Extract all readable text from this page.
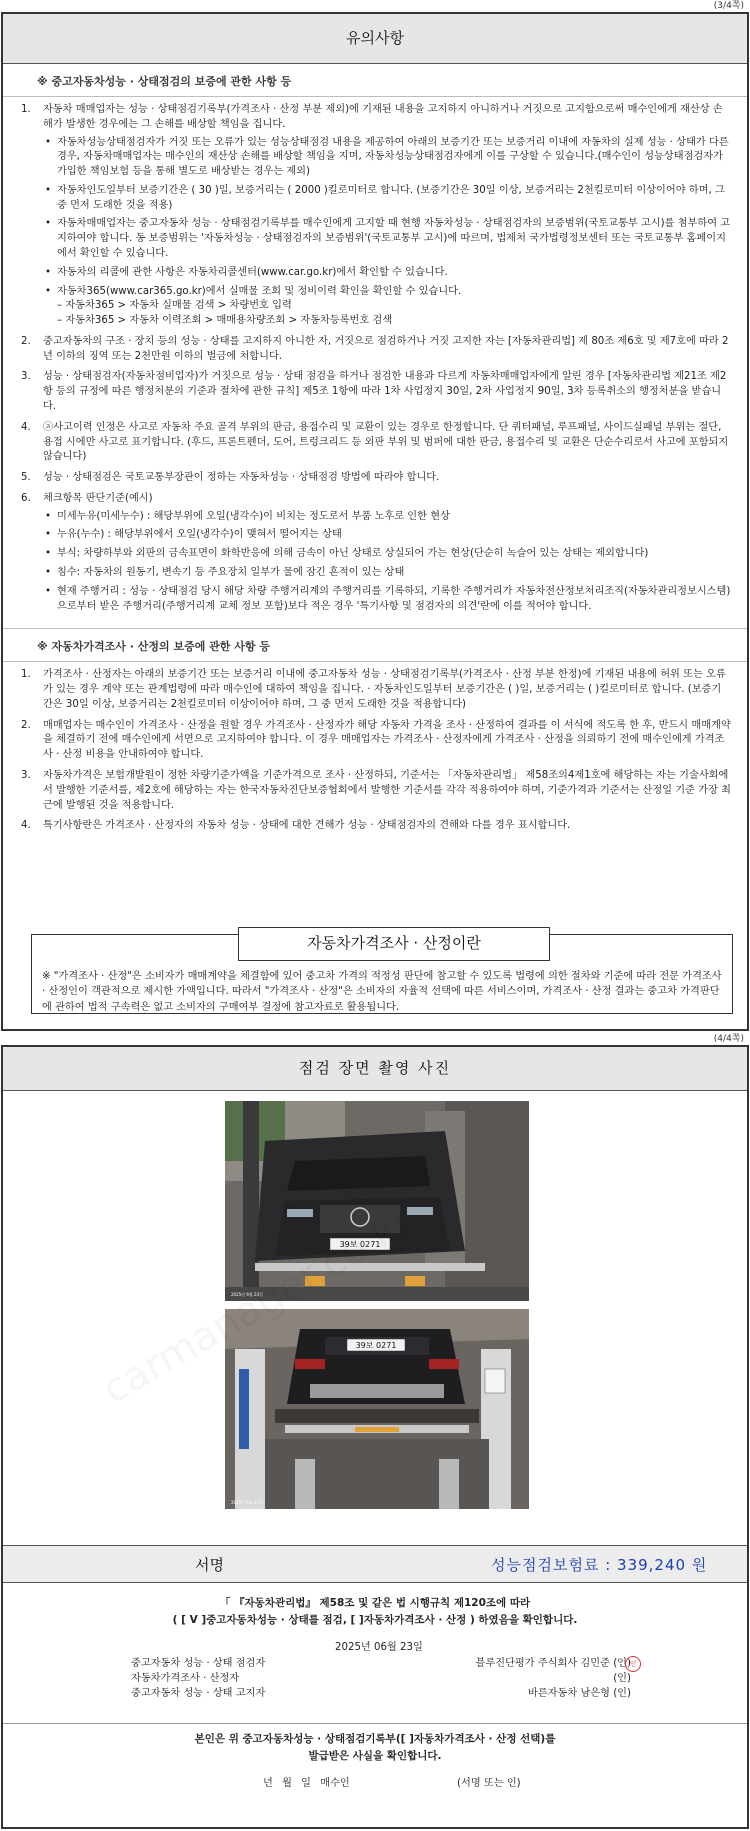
(3/4쪽)
유의사항
※ 중고자동차성능 · 상태점검의 보증에 관한 사항 등
1. 자동차 매매업자는 성능 · 상태점검기록부(가격조사 · 산정 부분 제외)에 기재된 내용을 고지하지 아니하거나 거짓으로 고지함으로써 매수인에게 재산상 손해가 발생한 경우에는 그 손해를 배상할 책임을 집니다.
• 자동차성능상태점검자가 거짓 또는 오류가 있는 성능상태점검 내용을 제공하여 아래의 보증기간 또는 보증거리 이내에 자동차의 실제 성능 · 상태가 다른 경우, 자동차매매업자는 매수인의 재산상 손해를 배상할 책임을 지며, 자동차성능상태점검자에게 이를 구상할 수 있습니다.(매수인이 성능상태점검자가 가입한 책임보험 등을 통해 별도로 배상받는 경우는 제외)
• 자동차인도일부터 보증기간은 ( 30 )일, 보증거리는 ( 2000 )킬로미터로 합니다. (보증기간은 30일 이상, 보증거리는 2천킬로미터 이상이어야 하며, 그 중 먼저 도래한 것을 적용)
• 자동차매매업자는 중고자동차 성능 · 상태점검기록부를 매수인에게 고지할 때 현행 자동차성능 · 상태점검자의 보증범위(국토교통부 고시)를 첨부하여 고지하여야 합니다. 동 보증범위는 '자동차성능 · 상태점검자의 보증범위'(국토교통부 고시)에 따르며, 법제처 국가법령정보센터 또는 국토교통부 홈페이지에서 확인할 수 있습니다.
• 자동차의 리콜에 관한 사항은 자동차리콜센터(www.car.go.kr)에서 확인할 수 있습니다.
• 자동차365(www.car365.go.kr)에서 실매물 조회 및 정비이력 확인을 확인할 수 있습니다.
– 자동차365 > 자동차 실매물 검색 > 차량번호 입력
– 자동차365 > 자동차 이력조회 > 매매용차량조회 > 자동차등록번호 검색
2. 중고자동차의 구조 · 장치 등의 성능 · 상태를 고지하지 아니한 자, 거짓으로 점검하거나 거짓 고지한 자는 [자동차관리법] 제 80조 제6호 및 제7호에 따라 2년 이하의 징역 또는 2천만원 이하의 벌금에 처합니다.
3. 성능 · 상태점검자(자동차점비업자)가 거짓으로 성능 · 상태 점검을 하거나 점검한 내용과 다르게 자동차매매업자에게 알린 경우 [자동차관리법 제21조 제2항 등의 규정에 따른 행정처분의 기준과 절차에 관한 규칙] 제5조 1항에 따라 1차 사업정지 30일, 2차 사업정지 90일, 3차 등록취소의 행정처분을 받습니다.
4. ⓐ사고이력 인정은 사고로 자동차 주요 골격 부위의 판금, 용접수리 및 교환이 있는 경우로 한정합니다. 단 쿼터패널, 루프패널, 사이드실패널 부위는 절단, 용접 시에만 사고로 표기합니다. (후드, 프론트펜더, 도어, 트렁크리드 등 외판 부위 및 범퍼에 대한 판금, 용접수리 및 교환은 단순수리로서 사고에 포함되지 않습니다)
5. 성능 · 상태점검은 국토교통부장관이 정하는 자동차성능 · 상태점검 방법에 따라야 합니다.
6. 체크항목 판단기준(예시)
• 미세누유(미세누수) : 해당부위에 오일(냉각수)이 비치는 정도로서 부품 노후로 인한 현상
• 누유(누수) : 해당부위에서 오일(냉각수)이 맺혀서 떨어지는 상태
• 부식: 차량하부와 외판의 금속표면이 화학반응에 의해 금속이 아닌 상태로 상실되어 가는 현상(단순히 녹슬어 있는 상태는 제외합니다)
• 침수: 자동차의 원동기, 변속기 등 주요장치 일부가 물에 잠긴 흔적이 있는 상태
• 현재 주행거리 : 성능 · 상태점검 당시 해당 차량 주행거리계의 주행거리를 기록하되, 기록한 주행거리가 자동차전산정보처리조직(자동차관리정보시스템)으로부터 받은 주행거리(주행거리계 교체 정보 포함)보다 적은 경우 '특기사항 및 점검자의 의견'란에 이를 적어야 합니다.
※ 자동차가격조사 · 산정의 보증에 관한 사항 등
1. 가격조사 · 산정자는 아래의 보증기간 또는 보증거리 이내에 중고자동차 성능 · 상태점검기록부(가격조사 · 산정 부분 한정)에 기재된 내용에 허위 또는 오류가 있는 경우 계약 또는 관계법령에 따라 매수인에 대하여 책임을 집니다. · 자동차인도일부터 보증기간은 ( )일, 보증거리는 ( )킬로미터로 합니다. (보증기간은 30일 이상, 보증거리는 2천킬로미터 이상이어야 하며, 그 중 먼저 도래한 것을 적용합니다)
2. 매매업자는 매수인이 가격조사 · 산정을 원할 경우 가격조사 · 산정자가 해당 자동차 가격을 조사 · 산정하여 결과를 이 서식에 적도록 한 후, 반드시 매매계약을 체결하기 전에 매수인에게 서면으로 고지하여야 합니다. 이 경우 매매업자는 가격조사 · 산정자에게 가격조사 · 산정을 의뢰하기 전에 매수인에게 가격조사 · 산정 비용을 안내하여야 합니다.
3. 자동차가격은 보험개발원이 정한 차량기준가액을 기준가격으로 조사 · 산정하되, 기준서는 「자동차관리법」 제58조의4제1호에 해당하는 자는 기술사회에서 발행한 기준서를, 제2호에 해당하는 자는 한국자동차진단보증협회에서 발행한 기준서를 각각 적용하여야 하며, 기준가격과 기준서는 산정일 기준 가장 최근에 발행된 것을 적용합니다.
4. 특기사항란은 가격조사 · 산정자의 자동차 성능 · 상태에 대한 견해가 성능 · 상태점검자의 견해와 다를 경우 표시합니다.
자동차가격조사 · 산정이란
※ "가격조사 · 산정"은 소비자가 매매계약을 체결함에 있어 중고차 가격의 적정성 판단에 참고할 수 있도록 법령에 의한 절차와 기준에 따라 전문 가격조사 · 산정인이 객관적으로 제시한 가액입니다. 따라서 "가격조사 · 산정"은 소비자의 자율적 선택에 따른 서비스이며, 가격조사 · 산정 결과는 중고차 가격판단에 관하여 법적 구속력은 없고 소비자의 구매여부 결정에 참고자료로 활용됩니다.
(4/4쪽)
점검 장면 촬영 사진
39보 0271
2025년 6월 23일
39보 0271
2025년 6월 23일
서명	성능점검보험료 : 339,240 원
「 『자동차관리법』 제58조 및 같은 법 시행규칙 제120조에 따라
( [ V ]중고자동차성능 · 상태를 점검, [ ]자동차가격조사 · 산정 ) 하였음을 확인합니다.
2025년 06월 23일
중고자동차 성능 · 상태 점검자
자동차가격조사 · 산정자
중고자동차 성능 · 상태 고지자
블루진단평가 주식회사 김민준 (인)
(인)
바른자동차 남은형 (인)
인
본인은 위 중고자동차성능 · 상태점검기록부([ ]자동차가격조사 · 산정 선택)를
발급받은 사실을 확인합니다.
년 월 일 매수인	(서명 또는 인)
